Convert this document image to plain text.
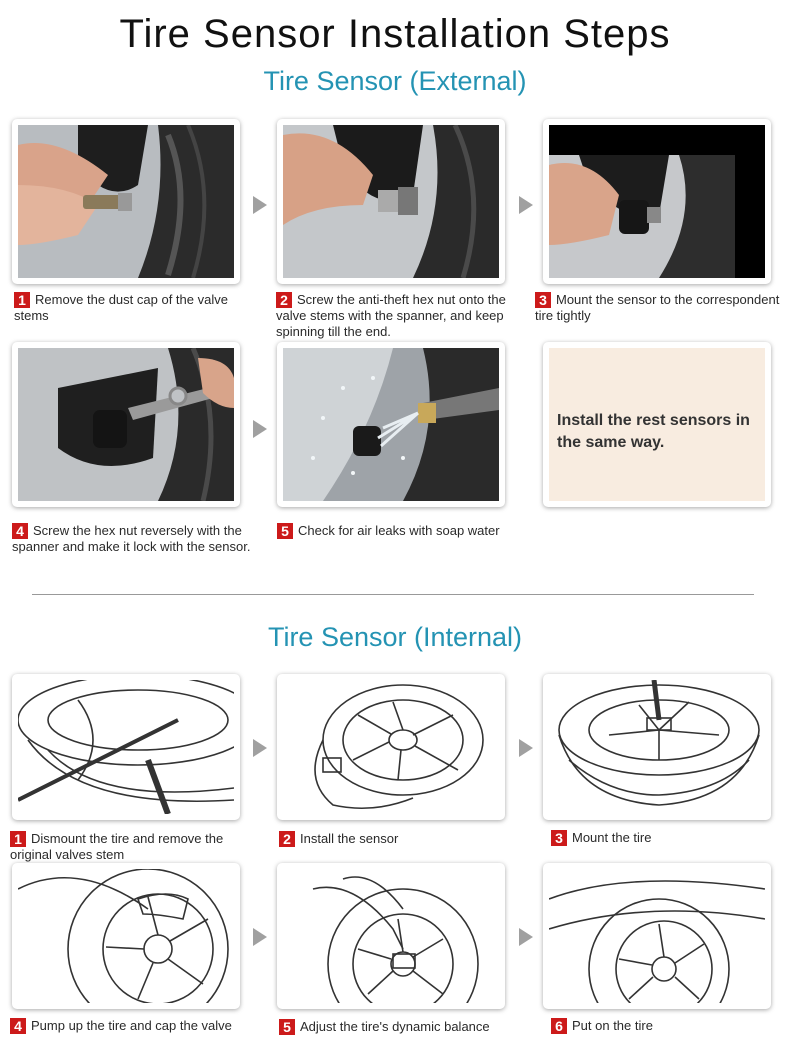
Tire Sensor Installation Steps
Tire Sensor (External)
1 Remove the dust cap of the valve stems
2 Screw the anti-theft hex nut onto the valve stems with the spanner, and keep spinning till the end.
3 Mount the sensor to the correspondent tire tightly
Install the rest sensors in the same way.
4 Screw the hex nut reversely with the spanner and make it lock with the sensor.
5 Check for air leaks with soap water
Tire Sensor (Internal)
1 Dismount the tire and remove the original valves stem
2 Install the sensor	3 Mount the tire
4 Pump up the tire and cap the valve	5 Adjust the tire's dynamic balance	6 Put on the tire
